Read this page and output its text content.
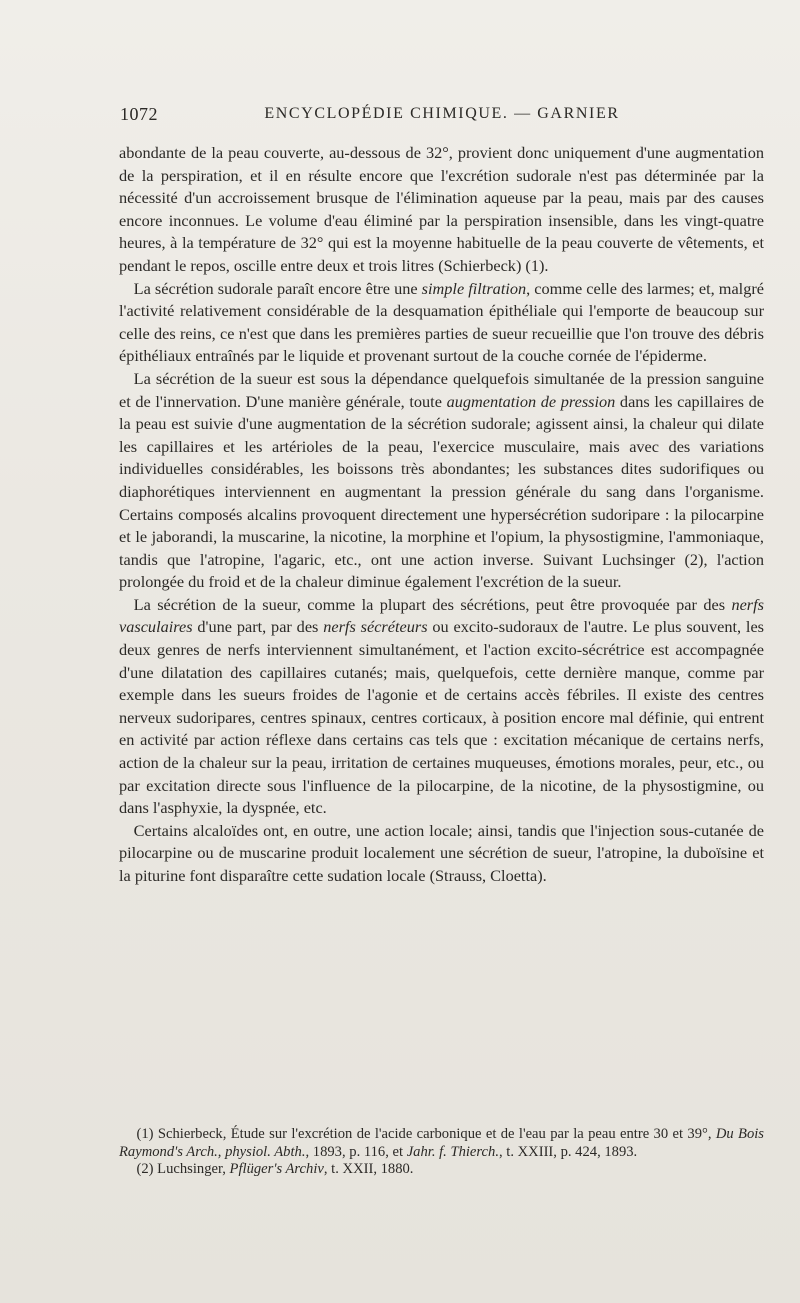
1072	ENCYCLOPÉDIE CHIMIQUE. — GARNIER

abondante de la peau couverte, au-dessous de 32°, provient donc uniquement d'une augmentation de la perspiration, et il en résulte encore que l'excrétion sudorale n'est pas déterminée par la nécessité d'un accroissement brusque de l'élimination aqueuse par la peau, mais par des causes encore inconnues. Le volume d'eau éliminé par la perspiration insensible, dans les vingt-quatre heures, à la température de 32° qui est la moyenne habituelle de la peau couverte de vêtements, et pendant le repos, oscille entre deux et trois litres (Schierbeck) (1).

La sécrétion sudorale paraît encore être une simple filtration, comme celle des larmes; et, malgré l'activité relativement considérable de la desquamation épithéliale qui l'emporte de beaucoup sur celle des reins, ce n'est que dans les premières parties de sueur recueillie que l'on trouve des débris épithéliaux entraînés par le liquide et provenant surtout de la couche cornée de l'épiderme.

La sécrétion de la sueur est sous la dépendance quelquefois simultanée de la pression sanguine et de l'innervation. D'une manière générale, toute augmentation de pression dans les capillaires de la peau est suivie d'une augmentation de la sécrétion sudorale; agissent ainsi, la chaleur qui dilate les capillaires et les artérioles de la peau, l'exercice musculaire, mais avec des variations individuelles considérables, les boissons très abondantes; les substances dites sudorifiques ou diaphorétiques interviennent en augmentant la pression générale du sang dans l'organisme. Certains composés alcalins provoquent directement une hypersécrétion sudoripare : la pilocarpine et le jaborandi, la muscarine, la nicotine, la morphine et l'opium, la physostigmine, l'ammoniaque, tandis que l'atropine, l'agaric, etc., ont une action inverse. Suivant Luchsinger (2), l'action prolongée du froid et de la chaleur diminue également l'excrétion de la sueur.

La sécrétion de la sueur, comme la plupart des sécrétions, peut être provoquée par des nerfs vasculaires d'une part, par des nerfs sécréteurs ou excito-sudoraux de l'autre. Le plus souvent, les deux genres de nerfs interviennent simultanément, et l'action excito-sécrétrice est accompagnée d'une dilatation des capillaires cutanés; mais, quelquefois, cette dernière manque, comme par exemple dans les sueurs froides de l'agonie et de certains accès fébriles. Il existe des centres nerveux sudoripares, centres spinaux, centres corticaux, à position encore mal définie, qui entrent en activité par action réflexe dans certains cas tels que : excitation mécanique de certains nerfs, action de la chaleur sur la peau, irritation de certaines muqueuses, émotions morales, peur, etc., ou par excitation directe sous l'influence de la pilocarpine, de la nicotine, de la physostigmine, ou dans l'asphyxie, la dyspnée, etc.

Certains alcaloïdes ont, en outre, une action locale; ainsi, tandis que l'injection sous-cutanée de pilocarpine ou de muscarine produit localement une sécrétion de sueur, l'atropine, la duboïsine et la piturine font disparaître cette sudation locale (Strauss, Cloetta).

(1) Schierbeck, Étude sur l'excrétion de l'acide carbonique et de l'eau par la peau entre 30 et 39°, Du Bois Raymond's Arch., physiol. Abth., 1893, p. 116, et Jahr. f. Thierch., t. XXIII, p. 424, 1893.

(2) Luchsinger, Pflüger's Archiv, t. XXII, 1880.
